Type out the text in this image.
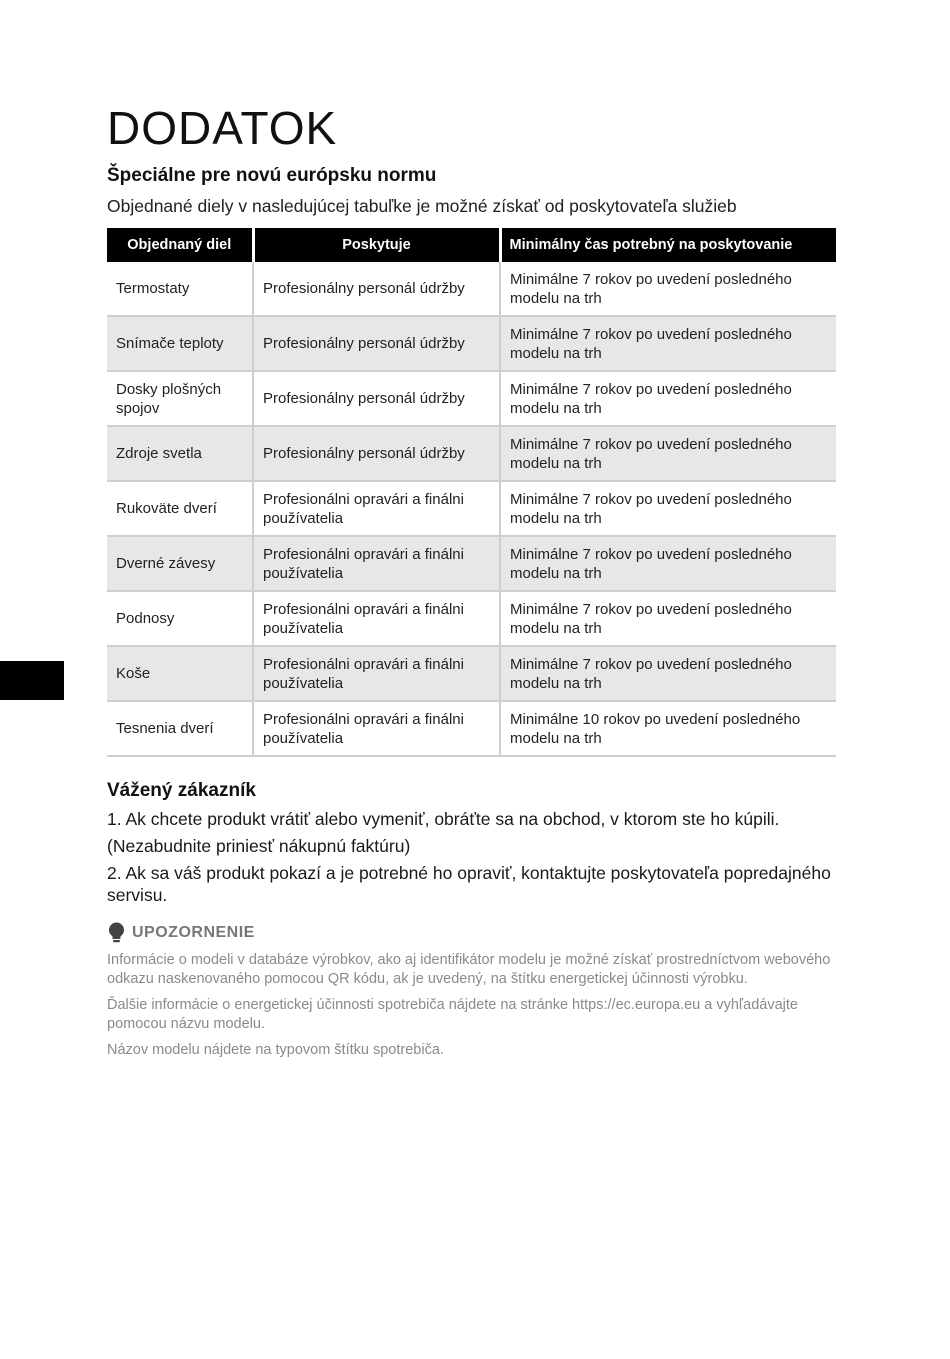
DODATOK
Špeciálne pre novú európsku normu

Objednané diely v nasledujúcej tabuľke je možné získať od poskytovateľa služieb

Objednaný diel	Poskytuje	Minimálny čas potrebný na poskytovanie
Termostaty	Profesionálny personál údržby	Minimálne 7 rokov po uvedení posledného modelu na trh
Snímače teploty	Profesionálny personál údržby	Minimálne 7 rokov po uvedení posledného modelu na trh
Dosky plošných spojov	Profesionálny personál údržby	Minimálne 7 rokov po uvedení posledného modelu na trh
Zdroje svetla	Profesionálny personál údržby	Minimálne 7 rokov po uvedení posledného modelu na trh
Rukoväte dverí	Profesionálni opravári a finálni používatelia	Minimálne 7 rokov po uvedení posledného modelu na trh
Dverné závesy	Profesionálni opravári a finálni používatelia	Minimálne 7 rokov po uvedení posledného modelu na trh
Podnosy	Profesionálni opravári a finálni používatelia	Minimálne 7 rokov po uvedení posledného modelu na trh
Koše	Profesionálni opravári a finálni používatelia	Minimálne 7 rokov po uvedení posledného modelu na trh
Tesnenia dverí	Profesionálni opravári a finálni používatelia	Minimálne 10 rokov po uvedení posledného modelu na trh
Vážený zákazník

1. Ak chcete produkt vrátiť alebo vymeniť, obráťte sa na obchod, v ktorom ste ho kúpili.

(Nezabudnite priniesť nákupnú faktúru)

2. Ak sa váš produkt pokazí a je potrebné ho opraviť, kontaktujte poskytovateľa popredajného servisu.

UPOZORNENIE

Informácie o modeli v databáze výrobkov, ako aj identifikátor modelu je možné získať prostredníctvom webového odkazu naskenovaného pomocou QR kódu, ak je uvedený, na štítku energetickej účinnosti výrobku.

Ďalšie informácie o energetickej účinnosti spotrebiča nájdete na stránke https://ec.europa.eu a vyhľadávajte pomocou názvu modelu.

Názov modelu nájdete na typovom štítku spotrebiča.
